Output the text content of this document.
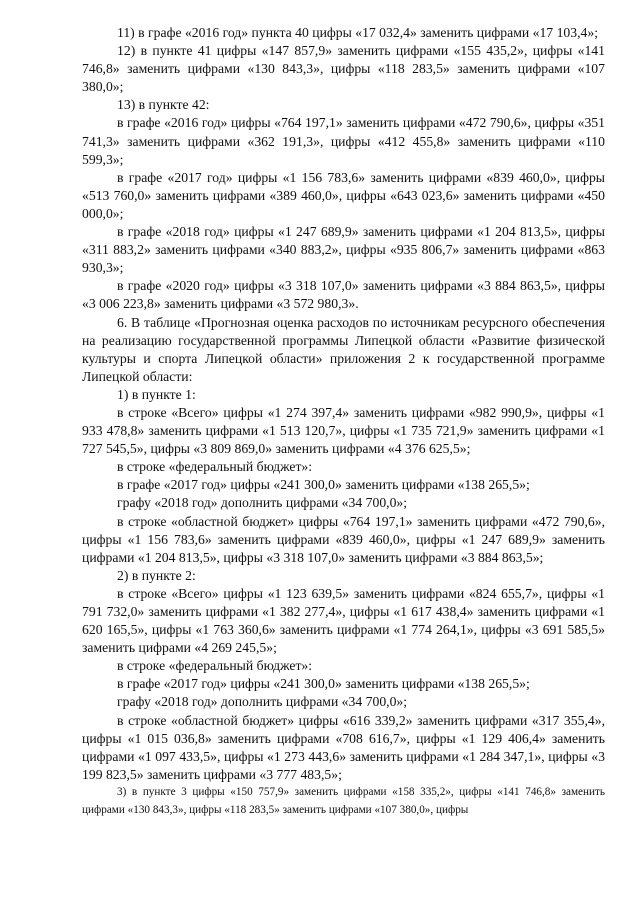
11) в графе «2016 год» пункта 40 цифры «17 032,4» заменить цифрами «17 103,4»;

12) в пункте 41 цифры «147 857,9» заменить цифрами «155 435,2», цифры «141 746,8» заменить цифрами «130 843,3», цифры «118 283,5» заменить цифрами «107 380,0»;

13) в пункте 42:

в графе «2016 год» цифры «764 197,1» заменить цифрами «472 790,6», цифры «351 741,3» заменить цифрами «362 191,3», цифры «412 455,8» заменить цифрами «110 599,3»;

в графе «2017 год» цифры «1 156 783,6» заменить цифрами «839 460,0», цифры «513 760,0» заменить цифрами «389 460,0», цифры «643 023,6» заменить цифрами «450 000,0»;

в графе «2018 год» цифры «1 247 689,9» заменить цифрами «1 204 813,5», цифры «311 883,2» заменить цифрами «340 883,2», цифры «935 806,7» заменить цифрами «863 930,3»;

в графе «2020 год» цифры «3 318 107,0» заменить цифрами «3 884 863,5», цифры «3 006 223,8» заменить цифрами «3 572 980,3».

6. В таблице «Прогнозная оценка расходов по источникам ресурсного обеспечения на реализацию государственной программы Липецкой области «Развитие физической культуры и спорта Липецкой области» приложения 2 к государственной программе Липецкой области:

1) в пункте 1:

в строке «Всего» цифры «1 274 397,4» заменить цифрами «982 990,9», цифры «1 933 478,8» заменить цифрами «1 513 120,7», цифры «1 735 721,9» заменить цифрами «1 727 545,5», цифры «3 809 869,0» заменить цифрами «4 376 625,5»;

в строке «федеральный бюджет»:

в графе «2017 год» цифры «241 300,0» заменить цифрами «138 265,5»;

графу «2018 год» дополнить цифрами «34 700,0»;

в строке «областной бюджет» цифры «764 197,1» заменить цифрами «472 790,6», цифры «1 156 783,6» заменить цифрами «839 460,0», цифры «1 247 689,9» заменить цифрами «1 204 813,5», цифры «3 318 107,0» заменить цифрами «3 884 863,5»;

2) в пункте 2:

в строке «Всего» цифры «1 123 639,5» заменить цифрами «824 655,7», цифры «1 791 732,0» заменить цифрами «1 382 277,4», цифры «1 617 438,4» заменить цифрами «1 620 165,5», цифры «1 763 360,6» заменить цифрами «1 774 264,1», цифры «3 691 585,5» заменить цифрами «4 269 245,5»;

в строке «федеральный бюджет»:

в графе «2017 год» цифры «241 300,0» заменить цифрами «138 265,5»;

графу «2018 год» дополнить цифрами «34 700,0»;

в строке «областной бюджет» цифры «616 339,2» заменить цифрами «317 355,4», цифры «1 015 036,8» заменить цифрами «708 616,7», цифры «1 129 406,4» заменить цифрами «1 097 433,5», цифры «1 273 443,6» заменить цифрами «1 284 347,1», цифры «3 199 823,5» заменить цифрами «3 777 483,5»;

3) в пункте 3 цифры «150 757,9» заменить цифрами «158 335,2», цифры «141 746,8» заменить цифрами «130 843,3», цифры «118 283,5» заменить цифрами «107 380,0», цифры
